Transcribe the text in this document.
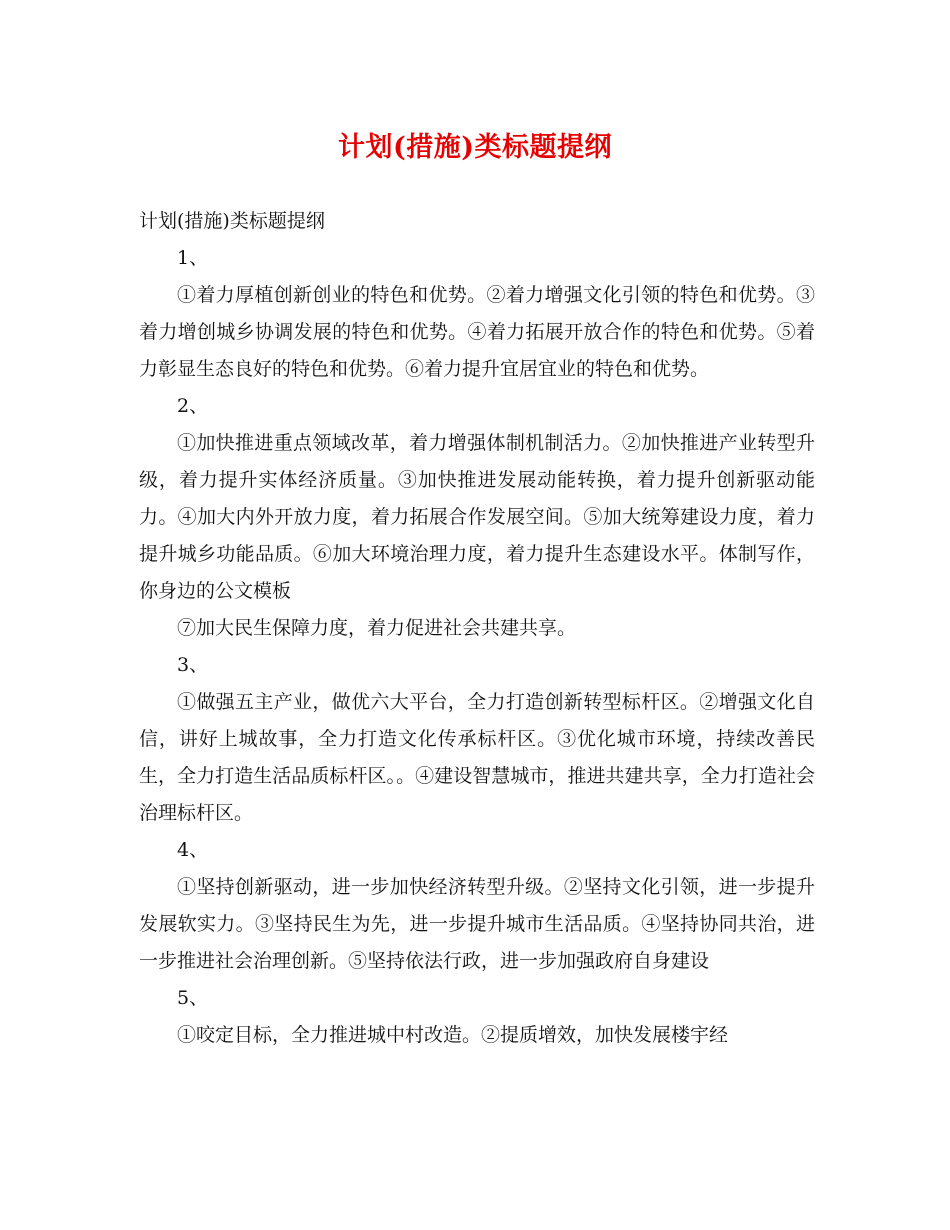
计划(措施)类标题提纲

计划(措施)类标题提纲

1、

①着力厚植创新创业的特色和优势。②着力增强文化引领的特色和优势。③着力增创城乡协调发展的特色和优势。④着力拓展开放合作的特色和优势。⑤着力彰显生态良好的特色和优势。⑥着力提升宜居宜业的特色和优势。

2、

①加快推进重点领域改革，着力增强体制机制活力。②加快推进产业转型升级，着力提升实体经济质量。③加快推进发展动能转换，着力提升创新驱动能力。④加大内外开放力度，着力拓展合作发展空间。⑤加大统筹建设力度，着力提升城乡功能品质。⑥加大环境治理力度，着力提升生态建设水平。体制写作，你身边的公文模板

⑦加大民生保障力度，着力促进社会共建共享。

3、

①做强五主产业，做优六大平台，全力打造创新转型标杆区。②增强文化自信，讲好上城故事，全力打造文化传承标杆区。③优化城市环境，持续改善民生，全力打造生活品质标杆区。。④建设智慧城市，推进共建共享，全力打造社会治理标杆区。

4、

①坚持创新驱动，进一步加快经济转型升级。②坚持文化引领，进一步提升发展软实力。③坚持民生为先，进一步提升城市生活品质。④坚持协同共治，进一步推进社会治理创新。⑤坚持依法行政，进一步加强政府自身建设

5、

①咬定目标，全力推进城中村改造。②提质增效，加快发展楼宇经
